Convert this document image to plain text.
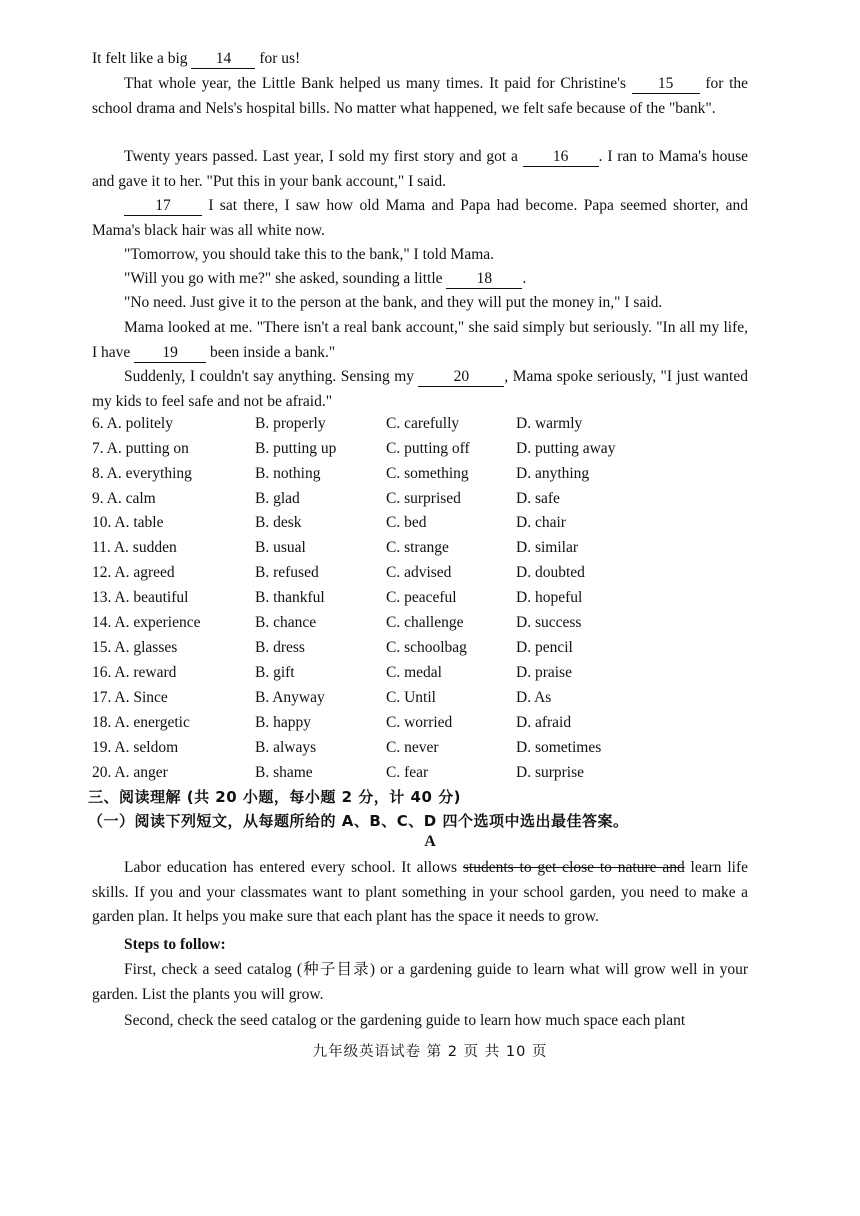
It felt like a big 14 for us!
That whole year, the Little Bank helped us many times. It paid for Christine's 15 for the school drama and Nels's hospital bills. No matter what happened, we felt safe because of the "bank".
Twenty years passed. Last year, I sold my first story and got a 16 . I ran to Mama's house and gave it to her. "Put this in your bank account," I said.
17 I sat there, I saw how old Mama and Papa had become. Papa seemed shorter, and Mama's black hair was all white now.
"Tomorrow, you should take this to the bank," I told Mama.
"Will you go with me?" she asked, sounding a little 18 .
"No need. Just give it to the person at the bank, and they will put the money in," I said.
Mama looked at me. "There isn't a real bank account," she said simply but seriously. "In all my life, I have 19 been inside a bank."
Suddenly, I couldn't say anything. Sensing my 20 , Mama spoke seriously, "I just wanted my kids to feel safe and not be afraid."
6. A. politely	B. properly	C. carefully	D. warmly
7. A. putting on	B. putting up	C. putting off	D. putting away
8. A. everything	B. nothing	C. something	D. anything
9. A. calm	B. glad	C. surprised	D. safe
10. A. table	B. desk	C. bed	D. chair
11. A. sudden	B. usual	C. strange	D. similar
12. A. agreed	B. refused	C. advised	D. doubted
13. A. beautiful	B. thankful	C. peaceful	D. hopeful
14. A. experience	B. chance	C. challenge	D. success
15. A. glasses	B. dress	C. schoolbag	D. pencil
16. A. reward	B. gift	C. medal	D. praise
17. A. Since	B. Anyway	C. Until	D. As
18. A. energetic	B. happy	C. worried	D. afraid
19. A. seldom	B. always	C. never	D. sometimes
20. A. anger	B. shame	C. fear	D. surprise
三、阅读理解 (共 20 小题，每小题 2 分，计 40 分)
（一）阅读下列短文，从每题所给的 A、B、C、D 四个选项中选出最佳答案。
A
Labor education has entered every school. It allows students to get close to nature and learn life skills. If you and your classmates want to plant something in your school garden, you need to make a garden plan. It helps you make sure that each plant has the space it needs to grow.
Steps to follow:
First, check a seed catalog (种子目录) or a gardening guide to learn what will grow well in your garden. List the plants you will grow.
Second, check the seed catalog or the gardening guide to learn how much space each plant
九年级英语试卷 第 2 页 共 10 页
